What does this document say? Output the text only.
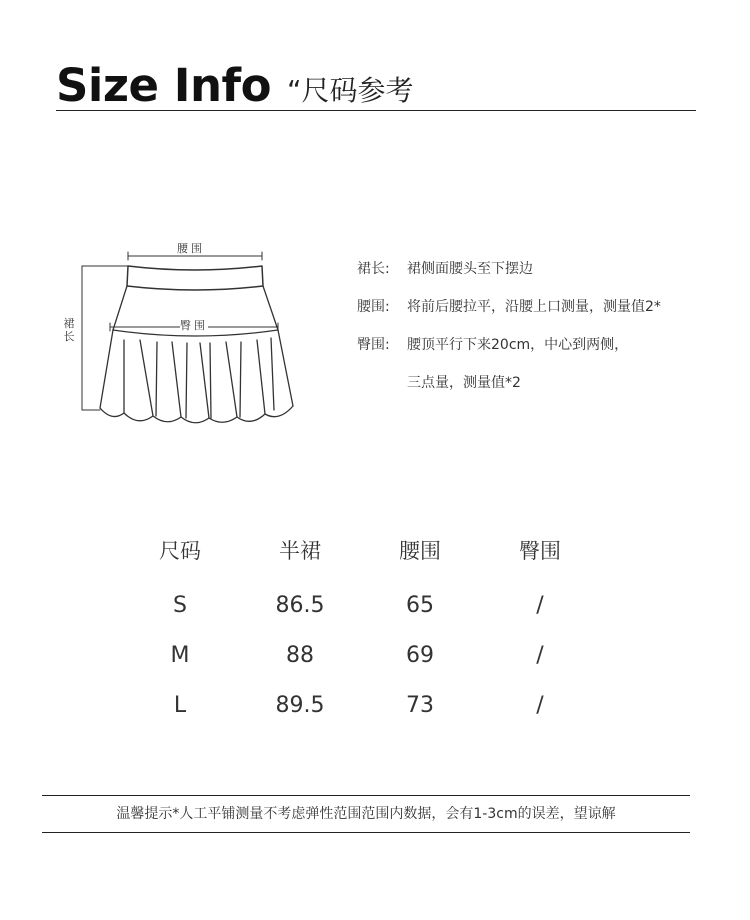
Size Info “尺码参考
腰围
臀围
裙长
裙长:	裙侧面腰头至下摆边
腰围:	将前后腰拉平，沿腰上口测量，测量值2*
臀围:	腰顶平行下来20cm，中心到两侧，
三点量，测量值*2
尺码	半裙	腰围	臀围
S	86.5	65	/
M	88	69	/
L	89.5	73	/
温馨提示*人工平铺测量不考虑弹性范围范围内数据，会有1-3cm的误差，望谅解
